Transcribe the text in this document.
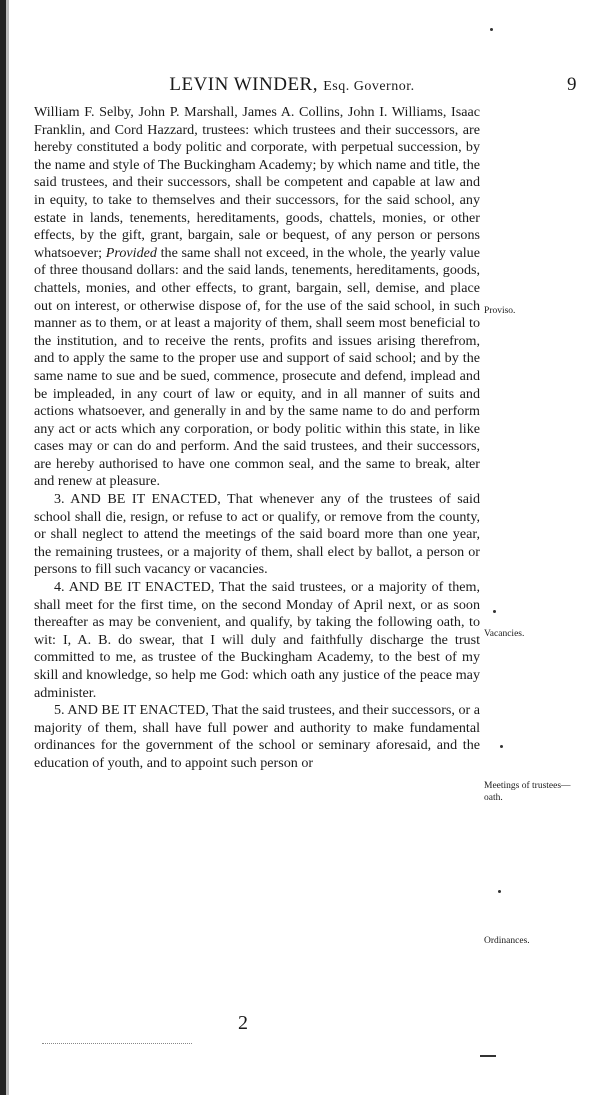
LEVIN WINDER, Esq. Governor.	9

William F. Selby, John P. Marshall, James A. Collins, John I. Williams, Isaac Franklin, and Cord Hazzard, trustees: which trustees and their successors, are hereby constituted a body politic and corporate, with perpetual succession, by the name and style of The Buckingham Academy; by which name and title, the said trustees, and their successors, shall be competent and capable at law and in equity, to take to themselves and their successors, for the said school, any estate in lands, tenements, hereditaments, goods, chattels, monies, or other effects, by the gift, grant, bargain, sale or bequest, of any person or persons whatsoever; Provided the same shall not exceed, in the whole, the yearly value of three thousand dollars: and the said lands, tenements, hereditaments, goods, chattels, monies, and other effects, to grant, bargain, sell, demise, and place out on interest, or otherwise dispose of, for the use of the said school, in such manner as to them, or at least a majority of them, shall seem most beneficial to the institution, and to receive the rents, profits and issues arising therefrom, and to apply the same to the proper use and support of said school; and by the same name to sue and be sued, commence, prosecute and defend, implead and be impleaded, in any court of law or equity, and in all manner of suits and actions whatsoever, and generally in and by the same name to do and perform any act or acts which any corporation, or body politic within this state, in like cases may or can do and perform. And the said trustees, and their successors, are hereby authorised to have one common seal, and the same to break, alter and renew at pleasure.

3. AND BE IT ENACTED, That whenever any of the trustees of said school shall die, resign, or refuse to act or qualify, or remove from the county, or shall neglect to attend the meetings of the said board more than one year, the remaining trustees, or a majority of them, shall elect by ballot, a person or persons to fill such vacancy or vacancies.

4. AND BE IT ENACTED, That the said trustees, or a majority of them, shall meet for the first time, on the second Monday of April next, or as soon thereafter as may be convenient, and qualify, by taking the following oath, to wit: I, A. B. do swear, that I will duly and faithfully discharge the trust committed to me, as trustee of the Buckingham Academy, to the best of my skill and knowledge, so help me God: which oath any justice of the peace may administer.

5. AND BE IT ENACTED, That the said trustees, and their successors, or a majority of them, shall have full power and authority to make fundamental ordinances for the government of the school or seminary aforesaid, and the education of youth, and to appoint such person or

Proviso.
Vacancies.
Meetings of trustees—oath.
Ordinances.
2
